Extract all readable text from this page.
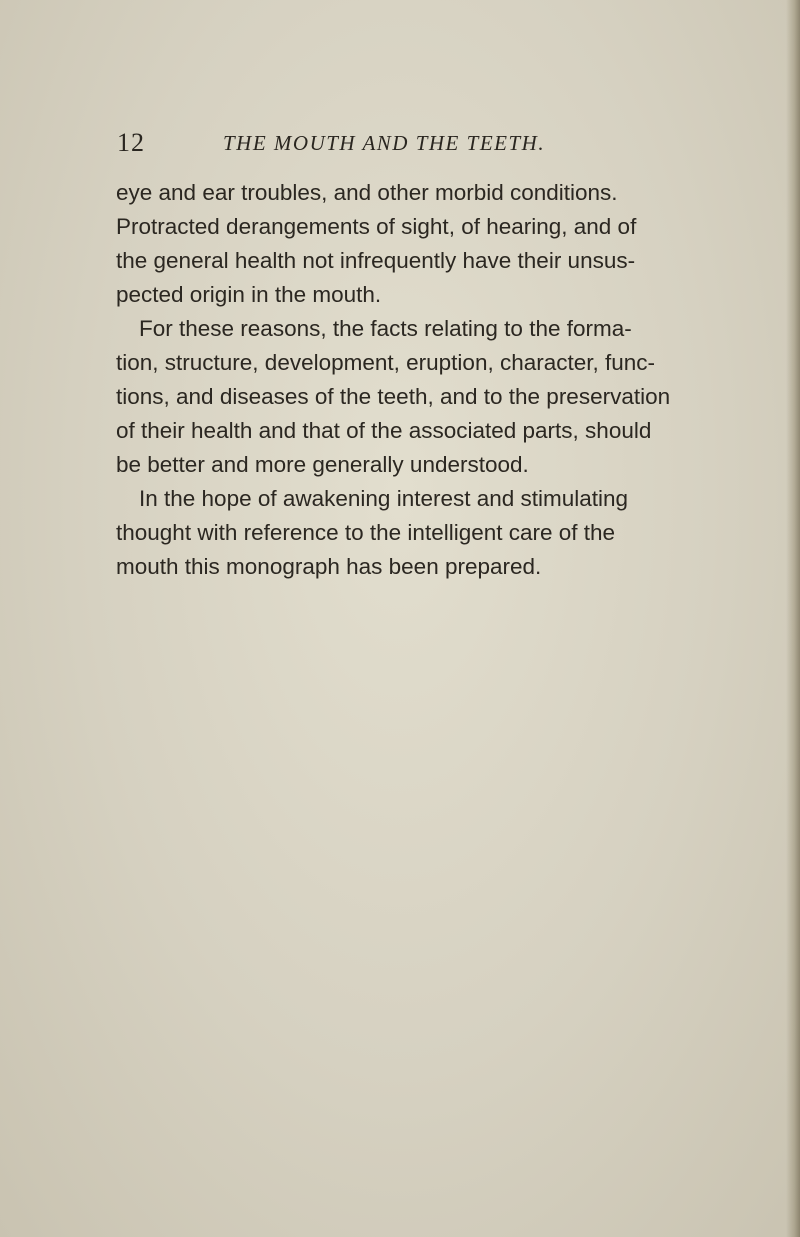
12	THE MOUTH AND THE TEETH.
eye and ear troubles, and other morbid conditions.
Protracted derangements of sight, of hearing, and of
the general health not infrequently have their unsus-
pected origin in the mouth.
For these reasons, the facts relating to the forma-
tion, structure, development, eruption, character, func-
tions, and diseases of the teeth, and to the preservation
of their health and that of the associated parts, should
be better and more generally understood.
In the hope of awakening interest and stimulating
thought with reference to the intelligent care of the
mouth this monograph has been prepared.
